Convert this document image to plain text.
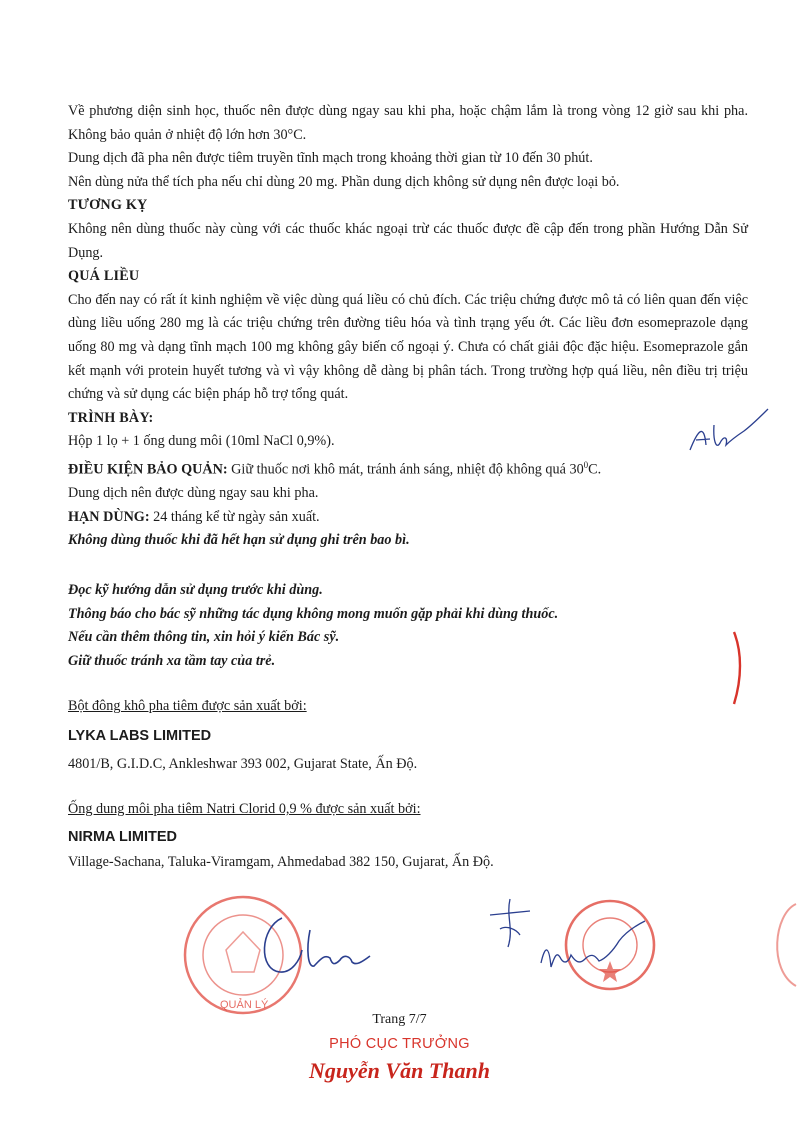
Về phương diện sinh học, thuốc nên được dùng ngay sau khi pha, hoặc chậm lắm là trong vòng 12 giờ sau khi pha. Không bảo quản ở nhiệt độ lớn hơn 30°C.

Dung dịch đã pha nên được tiêm truyền tĩnh mạch trong khoảng thời gian từ 10 đến 30 phút.

Nên dùng nửa thể tích pha nếu chỉ dùng 20 mg. Phần dung dịch không sử dụng nên được loại bỏ.

TƯƠNG KỴ

Không nên dùng thuốc này cùng với các thuốc khác ngoại trừ các thuốc được đề cập đến trong phần Hướng Dẫn Sử Dụng.

QUÁ LIỀU

Cho đến nay có rất ít kinh nghiệm về việc dùng quá liều có chủ đích. Các triệu chứng được mô tả có liên quan đến việc dùng liều uống 280 mg là các triệu chứng trên đường tiêu hóa và tình trạng yếu ớt. Các liều đơn esomeprazole dạng uống 80 mg và dạng tĩnh mạch 100 mg không gây biến cố ngoại ý. Chưa có chất giải độc đặc hiệu. Esomeprazole gắn kết mạnh với protein huyết tương và vì vậy không dễ dàng bị phân tách. Trong trường hợp quá liều, nên điều trị triệu chứng và sử dụng các biện pháp hỗ trợ tổng quát.

TRÌNH BÀY:

Hộp 1 lọ + 1 ống dung môi (10ml NaCl 0,9%).

ĐIỀU KIỆN BẢO QUẢN: Giữ thuốc nơi khô mát, tránh ánh sáng, nhiệt độ không quá $30^0C$.

Dung dịch nên được dùng ngay sau khi pha.

HẠN DÙNG: 24 tháng kể từ ngày sản xuất.

Không dùng thuốc khi đã hết hạn sử dụng ghi trên bao bì.

Đọc kỹ hướng dẫn sử dụng trước khi dùng.

Thông báo cho bác sỹ những tác dụng không mong muốn gặp phải khi dùng thuốc.

Nếu cần thêm thông tin, xin hỏi ý kiến Bác sỹ.

Giữ thuốc tránh xa tầm tay của trẻ.

Bột đông khô pha tiêm được sản xuất bởi:

LYKA LABS LIMITED

4801/B, G.I.D.C, Ankleshwar 393 002, Gujarat State, Ấn Độ.

Ống dung môi pha tiêm Natri Clorid 0,9 % được sản xuất bởi:

NIRMA LIMITED

Village-Sachana, Taluka-Viramgam, Ahmedabad 382 150, Gujarat, Ấn Độ.

QUẢN LÝ
Trang 7/7
PHÓ CỤC TRƯỞNG
Nguyễn Văn Thanh
